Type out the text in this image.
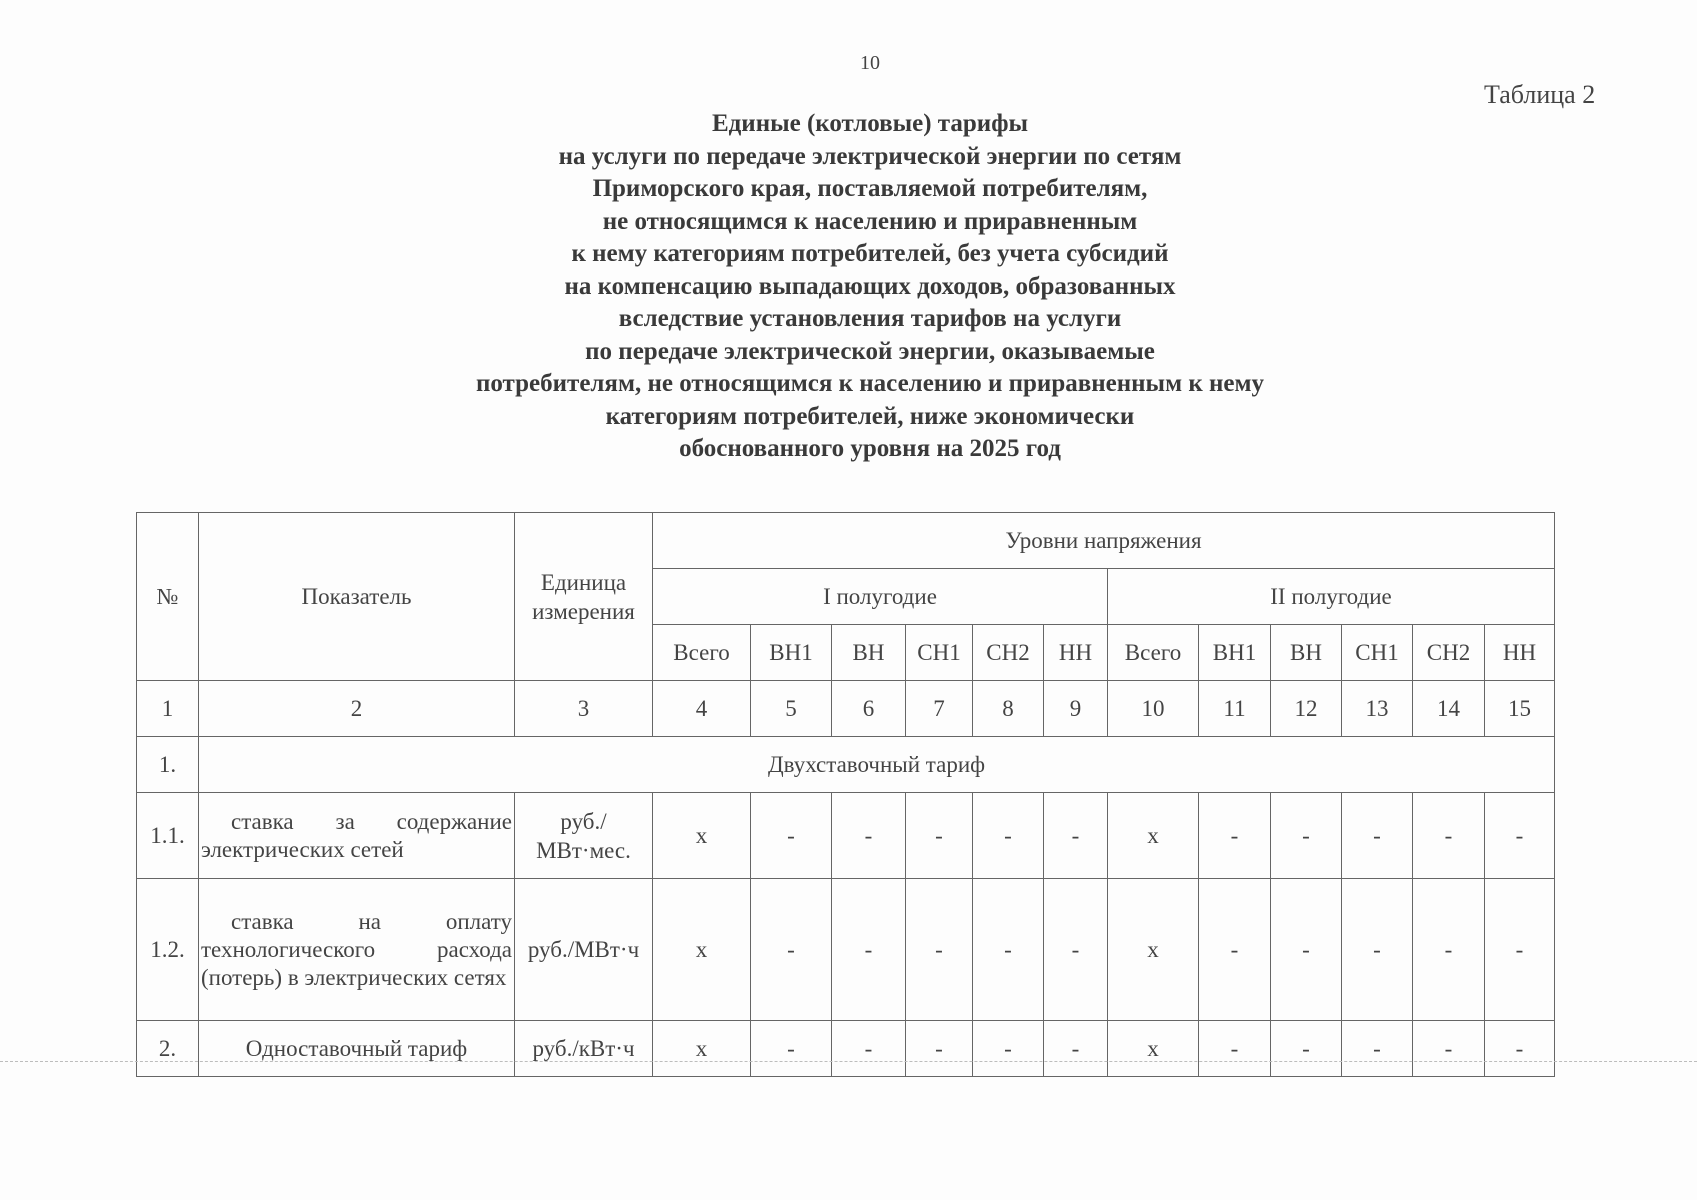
10
Таблица 2
Единые (котловые) тарифы
на услуги по передаче электрической энергии по сетям
Приморского края, поставляемой потребителям,
не относящимся к населению и приравненным
к нему категориям потребителей, без учета субсидий
на компенсацию выпадающих доходов, образованных
вследствие установления тарифов на услуги
по передаче электрической энергии, оказываемые
потребителям, не относящимся к населению и приравненным к нему
категориям потребителей, ниже экономически
обоснованного уровня на 2025 год
№	Показатель	Единица измерения	Уровни напряжения											
			I полугодие						II полугодие					
			Всего	ВН1	ВН	СН1	СН2	НН	Всего	ВН1	ВН	СН1	СН2	НН
1	2	3	4	5	6	7	8	9	10	11	12	13	14	15
1.	Двухставочный тариф													
1.1.	ставка за содержание электрических сетей	руб./ МВт·мес.	х	-	-	-	-	-	х	-	-	-	-	-
1.2.	ставка на оплату технологического расхода (потерь) в электрических сетях	руб./МВт·ч	х	-	-	-	-	-	х	-	-	-	-	-
2.	Одноставочный тариф	руб./кВт·ч	х	-	-	-	-	-	х	-	-	-	-	-
